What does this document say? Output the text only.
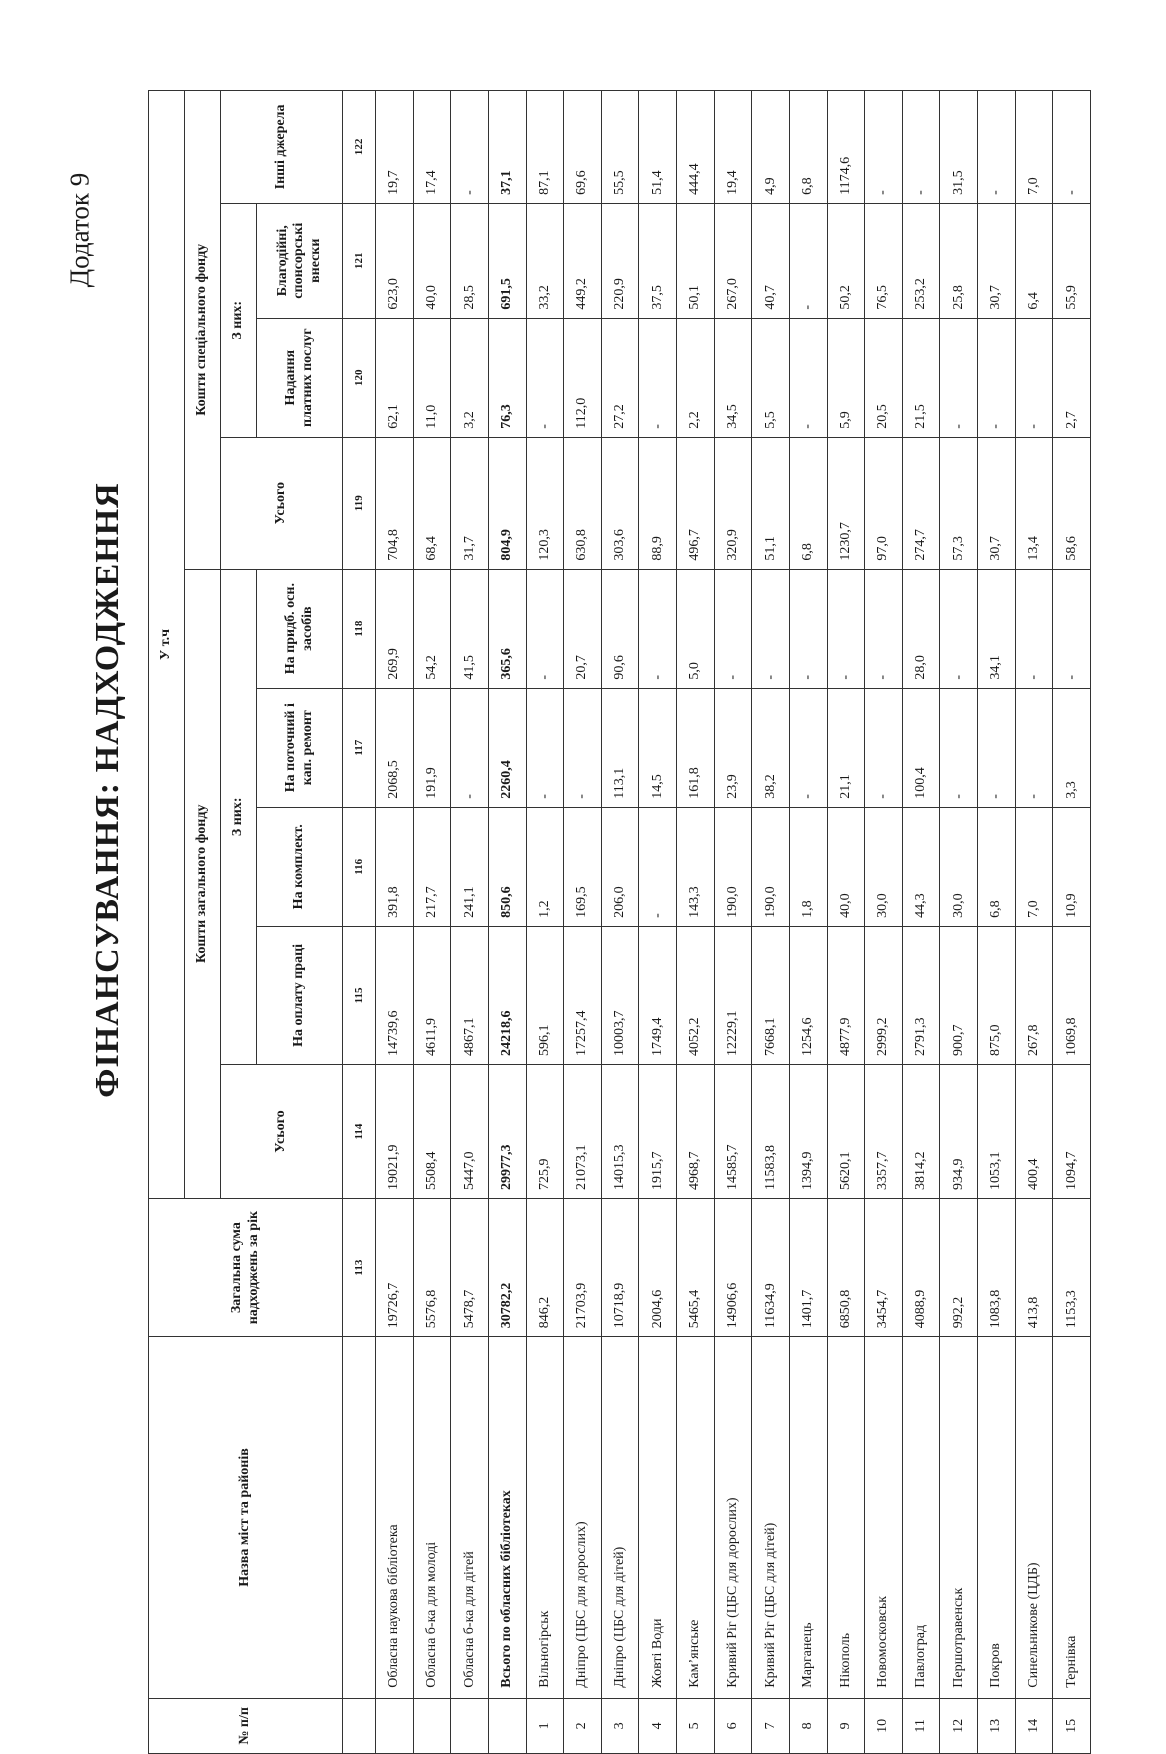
Додаток 9
ФІНАНСУВАННЯ: НАДХОДЖЕННЯ
№ п/п	Назва міст та районів	Загальна сума надходжень за рік	У т.ч								
			Кошти загального фонду					Кошти спеціального фонду			
			Усього	З них:				Усього	З них:		Інші джерела
				На оплату праці	На комплект.	На поточний і кап. ремонт	На придб. осн. засобів		Надання платних послуг	Благодійні, спонсорські внески	
		113	114	115	116	117	118	119	120	121	122
	Обласна наукова бібліотека	19726,7	19021,9	14739,6	391,8	2068,5	269,9	704,8	62,1	623,0	19,7
	Обласна б-ка для молоді	5576,8	5508,4	4611,9	217,7	191,9	54,2	68,4	11,0	40,0	17,4
	Обласна б-ка для дітей	5478,7	5447,0	4867,1	241,1	-	41,5	31,7	3,2	28,5	-
	Всього по обласних бібліотеках	30782,2	29977,3	24218,6	850,6	2260,4	365,6	804,9	76,3	691,5	37,1
1	Вільногірськ	846,2	725,9	596,1	1,2	-	-	120,3	-	33,2	87,1
2	Дніпро (ЦБС для дорослих)	21703,9	21073,1	17257,4	169,5	-	20,7	630,8	112,0	449,2	69,6
3	Дніпро (ЦБС для дітей)	10718,9	14015,3	10003,7	206,0	113,1	90,6	303,6	27,2	220,9	55,5
4	Жовті Води	2004,6	1915,7	1749,4	-	14,5	-	88,9	-	37,5	51,4
5	Кам’янське	5465,4	4968,7	4052,2	143,3	161,8	5,0	496,7	2,2	50,1	444,4
6	Кривий Ріг (ЦБС для дорослих)	14906,6	14585,7	12229,1	190,0	23,9	-	320,9	34,5	267,0	19,4
7	Кривий Ріг (ЦБС для дітей)	11634,9	11583,8	7668,1	190,0	38,2	-	51,1	5,5	40,7	4,9
8	Марганець	1401,7	1394,9	1254,6	1,8	-	-	6,8	-	-	6,8
9	Нікополь	6850,8	5620,1	4877,9	40,0	21,1	-	1230,7	5,9	50,2	1174,6
10	Новомосковськ	3454,7	3357,7	2999,2	30,0	-	-	97,0	20,5	76,5	-
11	Павлоград	4088,9	3814,2	2791,3	44,3	100,4	28,0	274,7	21,5	253,2	-
12	Першотравенськ	992,2	934,9	900,7	30,0	-	-	57,3	-	25,8	31,5
13	Покров	1083,8	1053,1	875,0	6,8	-	34,1	30,7	-	30,7	-
14	Синельникове (ЦДБ)	413,8	400,4	267,8	7,0	-	-	13,4	-	6,4	7,0
15	Тернівка	1153,3	1094,7	1069,8	10,9	3,3	-	58,6	2,7	55,9	-
